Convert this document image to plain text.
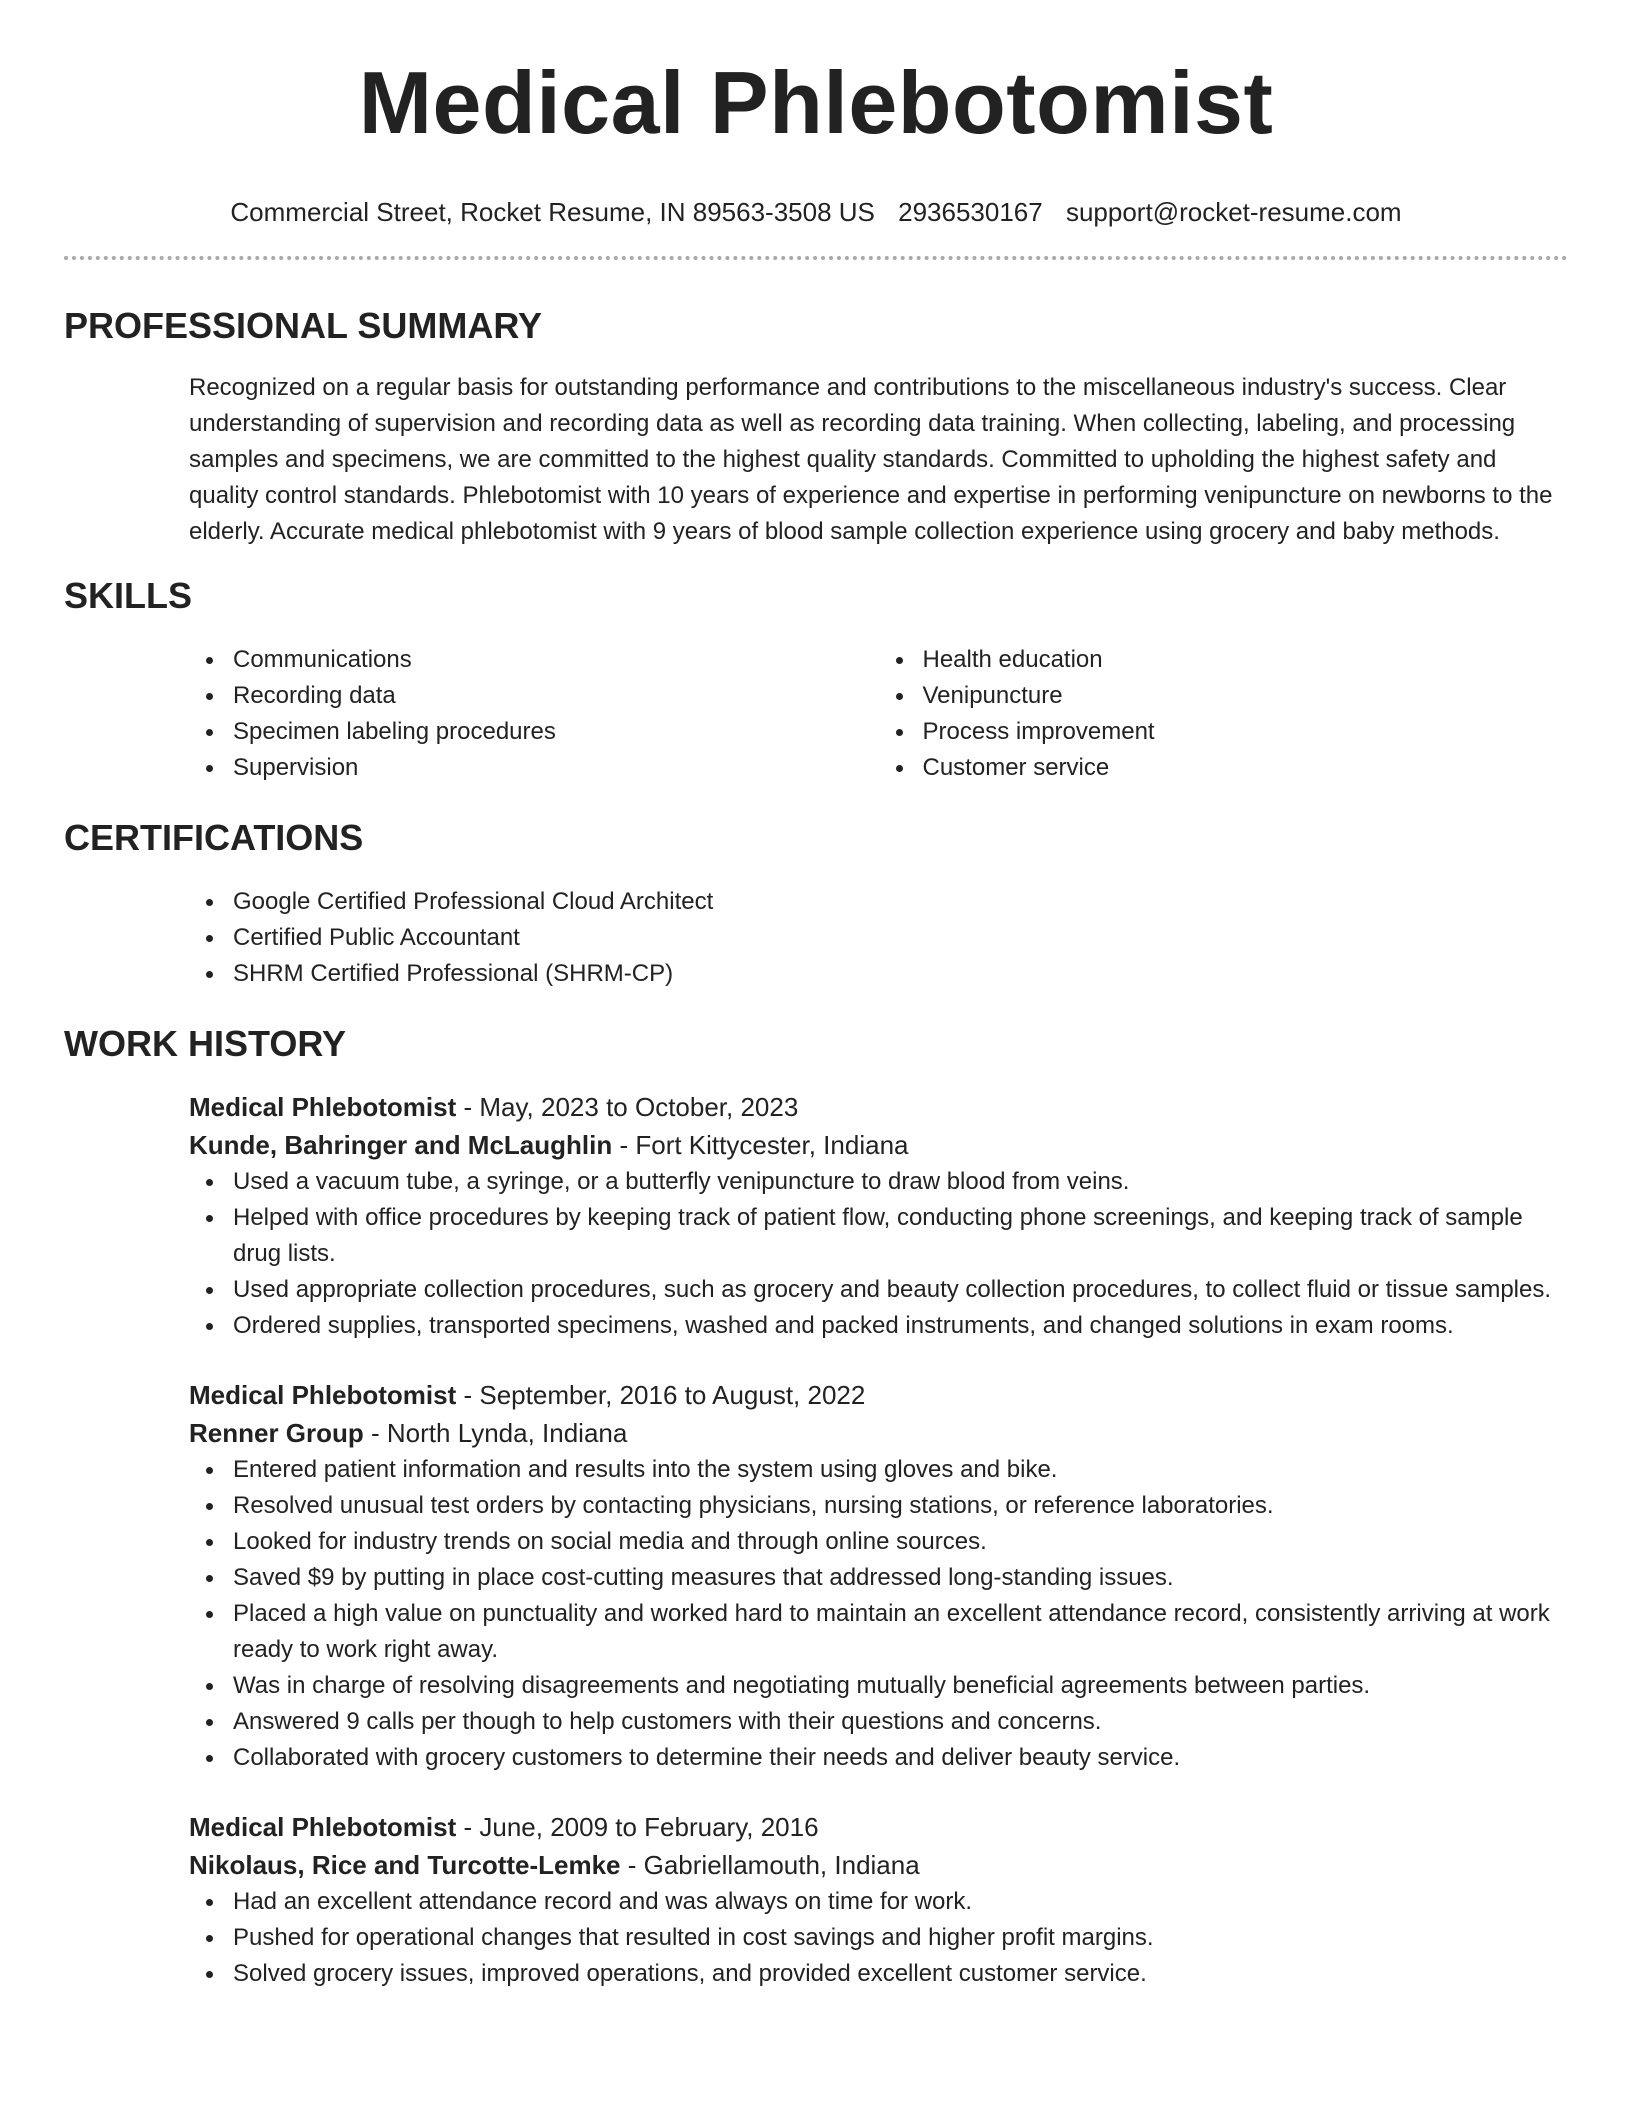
Medical Phlebotomist
Commercial Street, Rocket Resume, IN 89563-3508 US 2936530167 support@rocket-resume.com
PROFESSIONAL SUMMARY

Recognized on a regular basis for outstanding performance and contributions to the miscellaneous industry's success. Clear understanding of supervision and recording data as well as recording data training. When collecting, labeling, and processing samples and specimens, we are committed to the highest quality standards. Committed to upholding the highest safety and quality control standards. Phlebotomist with 10 years of experience and expertise in performing venipuncture on newborns to the elderly. Accurate medical phlebotomist with 9 years of blood sample collection experience using grocery and baby methods.

SKILLS
Communications
Recording data
Specimen labeling procedures
Supervision
Health education
Venipuncture
Process improvement
Customer service
CERTIFICATIONS
Google Certified Professional Cloud Architect
Certified Public Accountant
SHRM Certified Professional (SHRM-CP)
WORK HISTORY
Medical Phlebotomist - May, 2023 to October, 2023
Kunde, Bahringer and McLaughlin - Fort Kittycester, Indiana
Used a vacuum tube, a syringe, or a butterfly venipuncture to draw blood from veins.
Helped with office procedures by keeping track of patient flow, conducting phone screenings, and keeping track of sample drug lists.
Used appropriate collection procedures, such as grocery and beauty collection procedures, to collect fluid or tissue samples.
Ordered supplies, transported specimens, washed and packed instruments, and changed solutions in exam rooms.
Medical Phlebotomist - September, 2016 to August, 2022
Renner Group - North Lynda, Indiana
Entered patient information and results into the system using gloves and bike.
Resolved unusual test orders by contacting physicians, nursing stations, or reference laboratories.
Looked for industry trends on social media and through online sources.
Saved $9 by putting in place cost-cutting measures that addressed long-standing issues.
Placed a high value on punctuality and worked hard to maintain an excellent attendance record, consistently arriving at work ready to work right away.
Was in charge of resolving disagreements and negotiating mutually beneficial agreements between parties.
Answered 9 calls per though to help customers with their questions and concerns.
Collaborated with grocery customers to determine their needs and deliver beauty service.
Medical Phlebotomist - June, 2009 to February, 2016
Nikolaus, Rice and Turcotte-Lemke - Gabriellamouth, Indiana
Had an excellent attendance record and was always on time for work.
Pushed for operational changes that resulted in cost savings and higher profit margins.
Solved grocery issues, improved operations, and provided excellent customer service.
